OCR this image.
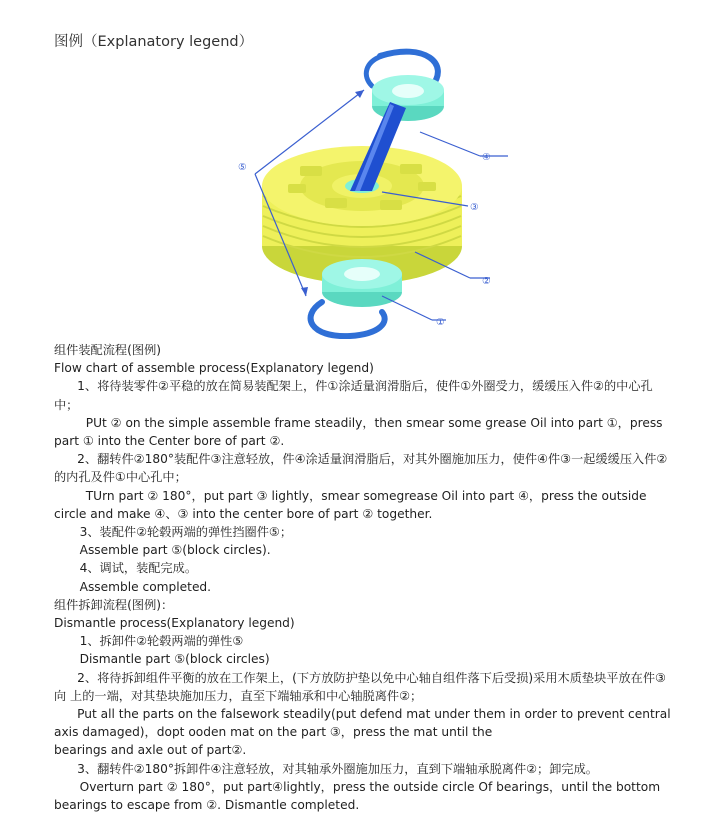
图例（Explanatory legend）
⑤
④
③
②
①

组件装配流程(图例)

Flow chart of assemble process(Explanatory legend)

1、将待装零件②平稳的放在简易装配架上，件①涂适量润滑脂后，使件①外圈受力，缓缓压入件②的中心孔中；

PUt ② on the simple assemble frame steadily，then smear some grease Oil into part ①，press part ① into the Center bore of part ②.

2、翻转件②180°装配件③注意轻放，件④涂适量润滑脂后，对其外圈施加压力，使件④件③一起缓缓压入件② 的内孔及件①中心孔中；

TUrn part ② 180°，put part ③ lightly，smear somegrease Oil into part ④，press the outside circle and make ④、③ into the center bore of part ② together.

3、装配件②轮毂两端的弹性挡圈件⑤；

Assemble part ⑤(block circles).

4、调试，装配完成。

Assemble completed.

组件拆卸流程(图例)：

Dismantle process(Explanatory legend)

1、拆卸件②轮毂两端的弹性⑤

Dismantle part ⑤(block circles)

2、将待拆卸组件平衡的放在工作架上，(下方放防护垫以免中心轴自组件落下后受损)采用木质垫块平放在件③向 上的一端，对其垫块施加压力，直至下端轴承和中心轴脱离件②；

Put all the parts on the falsework steadily(put defend mat under them in order to prevent central axis damaged)，dopt ooden mat on the part ③，press the mat until the

bearings and axle out of part②.

3、翻转件②180°拆卸件④注意轻放，对其轴承外圈施加压力，直到下端轴承脱离件②；卸完成。

Overturn part ② 180°，put part④lightly，press the outside circle Of bearings，until the bottom bearings to escape from ②. Dismantle completed.
